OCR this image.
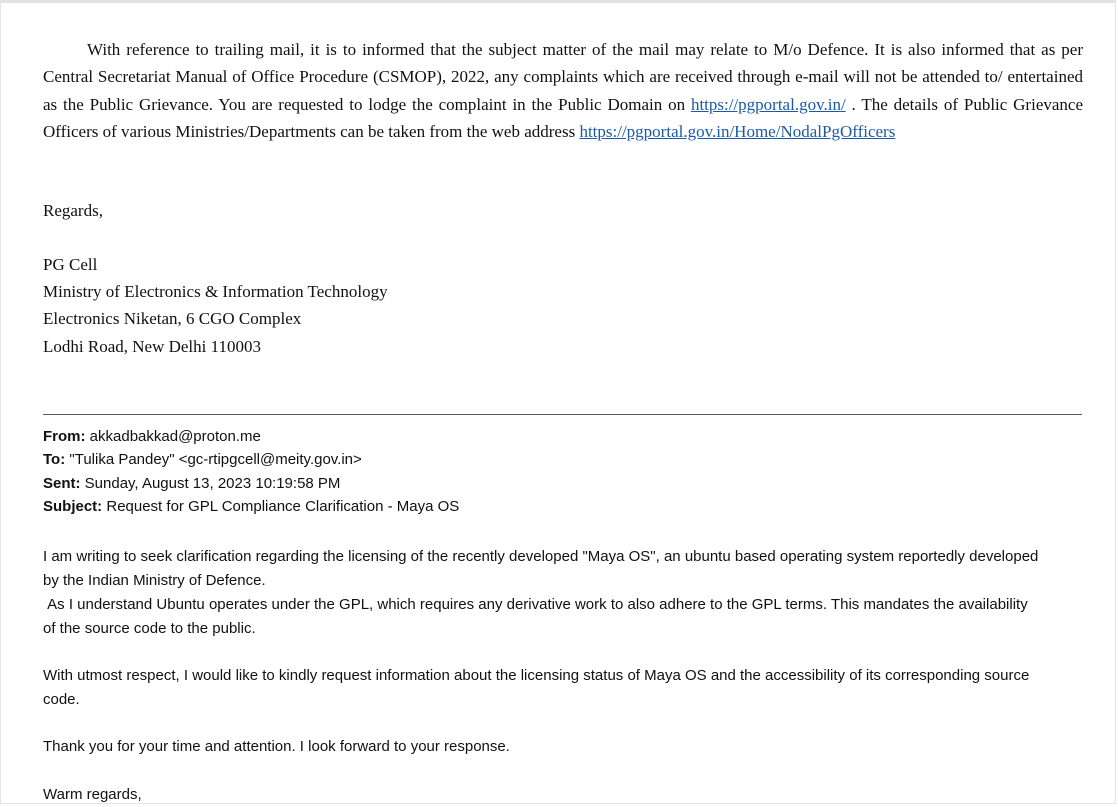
With reference to trailing mail, it is to informed that the subject matter of the mail may relate to M/o Defence. It is also informed that as per Central Secretariat Manual of Office Procedure (CSMOP), 2022, any complaints which are received through e-mail will not be attended to/ entertained as the Public Grievance. You are requested to lodge the complaint in the Public Domain on https://pgportal.gov.in/ . The details of Public Grievance Officers of various Ministries/Departments can be taken from the web address https://pgportal.gov.in/Home/NodalPgOfficers

Regards,
PG Cell
Ministry of Electronics & Information Technology
Electronics Niketan, 6 CGO Complex
Lodhi Road, New Delhi 110003
From: akkadbakkad@proton.me
To: "Tulika Pandey" <gc-rtipgcell@meity.gov.in>
Sent: Sunday, August 13, 2023 10:19:58 PM
Subject: Request for GPL Compliance Clarification - Maya OS

I am writing to seek clarification regarding the licensing of the recently developed "Maya OS", an ubuntu based operating system reportedly developed by the Indian Ministry of Defence.

As I understand Ubuntu operates under the GPL, which requires any derivative work to also adhere to the GPL terms. This mandates the availability of the source code to the public.

With utmost respect, I would like to kindly request information about the licensing status of Maya OS and the accessibility of its corresponding source code.

Thank you for your time and attention. I look forward to your response.

Warm regards,
